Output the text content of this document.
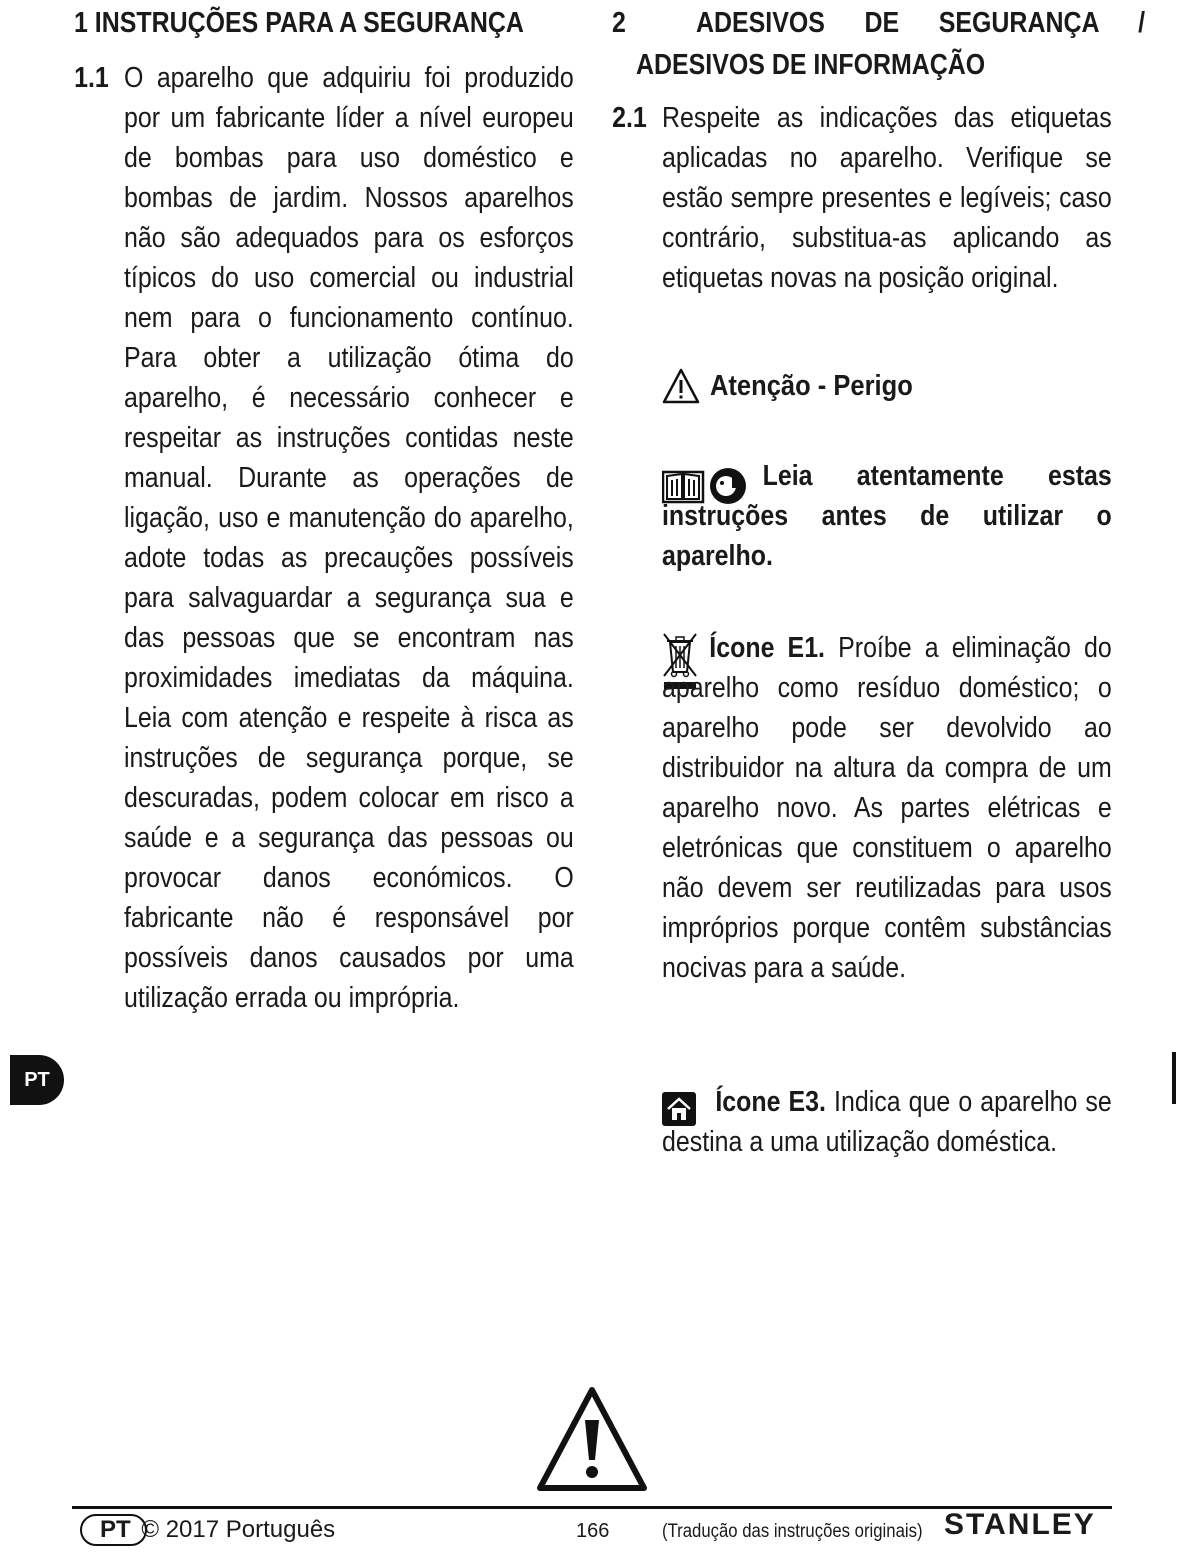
1 INSTRUÇÕES PARA A SEGURANÇA
1.1 O aparelho que adquiriu foi produzido por um fabricante líder a nível europeu de bombas para uso doméstico e bombas de jardim. Nossos aparelhos não são adequados para os esforços típicos do uso comercial ou industrial nem para o funcionamento contínuo. Para obter a utilização ótima do aparelho, é necessário conhecer e respeitar as instruções contidas neste manual. Durante as operações de ligação, uso e manutenção do aparelho, adote todas as precauções possíveis para salvaguardar a segurança sua e das pessoas que se encontram nas proximidades imediatas da máquina. Leia com atenção e respeite à risca as instruções de segurança porque, se descuradas, podem colocar em risco a saúde e a segurança das pessoas ou provocar danos económicos. O fabricante não é responsável por possíveis danos causados por uma utilização errada ou imprópria.
2 ADESIVOS DE SEGURANÇA /
ADESIVOS DE INFORMAÇÃO
2.1 Respeite as indicações das etiquetas aplicadas no aparelho. Verifique se estão sempre presentes e legíveis; caso contrário, substitua-as aplicando as etiquetas novas na posição original.
Atenção - Perigo
Leia atentamente estas instruções antes de utilizar o aparelho.
Ícone E1. Proíbe a eliminação do aparelho como resíduo doméstico; o aparelho pode ser devolvido ao distribuidor na altura da compra de um aparelho novo. As partes elétricas e eletrónicas que constituem o aparelho não devem ser reutilizadas para usos impróprios porque contêm substâncias nocivas para a saúde.
Ícone E3. Indica que o aparelho se destina a uma utilização doméstica.
PT
PT © 2017 Português	166	(Tradução das instruções originais) STANLEY
